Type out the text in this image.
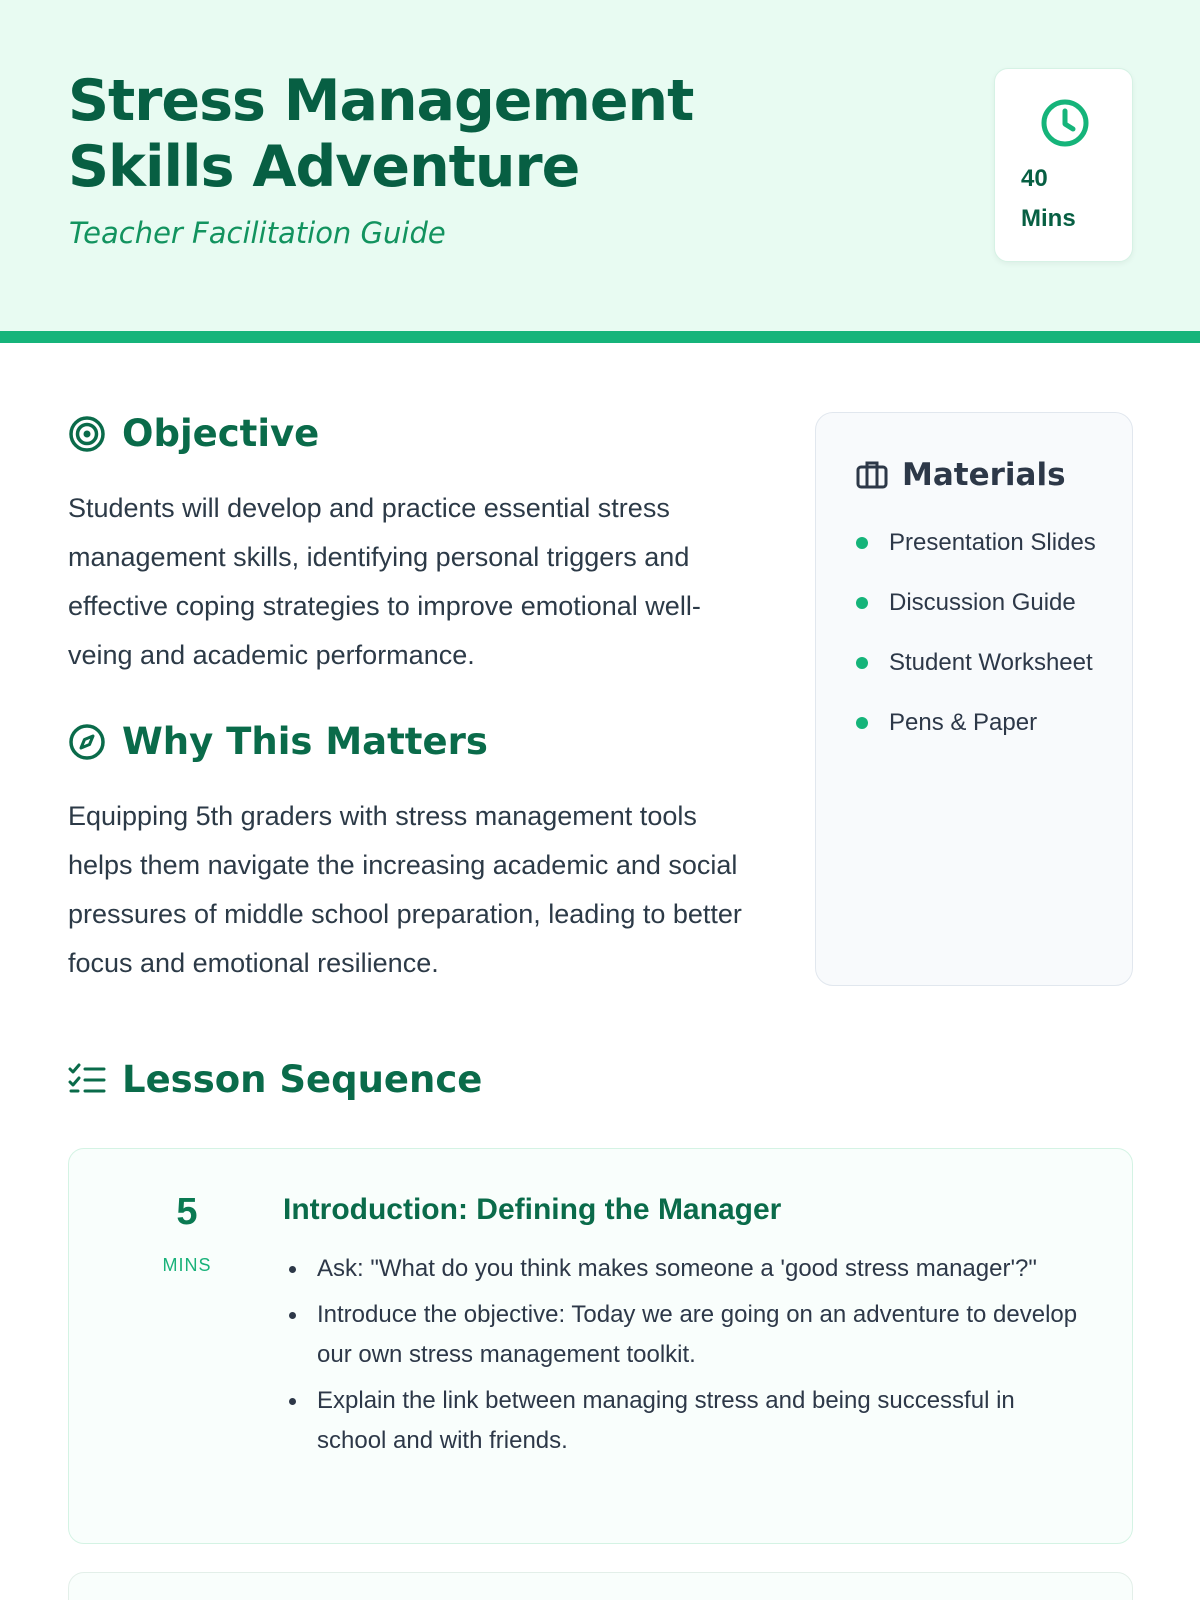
Stress Management Skills Adventure
Teacher Facilitation Guide
40
Mins
Objective

Students will develop and practice essential stress management skills, identifying personal triggers and effective coping strategies to improve emotional well-veing and academic performance.

Why This Matters

Equipping 5th graders with stress management tools helps them navigate the increasing academic and social pressures of middle school preparation, leading to better focus and emotional resilience.

Materials
Presentation Slides
Discussion Guide
Student Worksheet
Pens & Paper
Lesson Sequence
5
MINS
Introduction: Defining the Manager
Ask: "What do you think makes someone a 'good stress manager'?"
Introduce the objective: Today we are going on an adventure to develop our own stress management toolkit.
Explain the link between managing stress and being successful in school and with friends.
